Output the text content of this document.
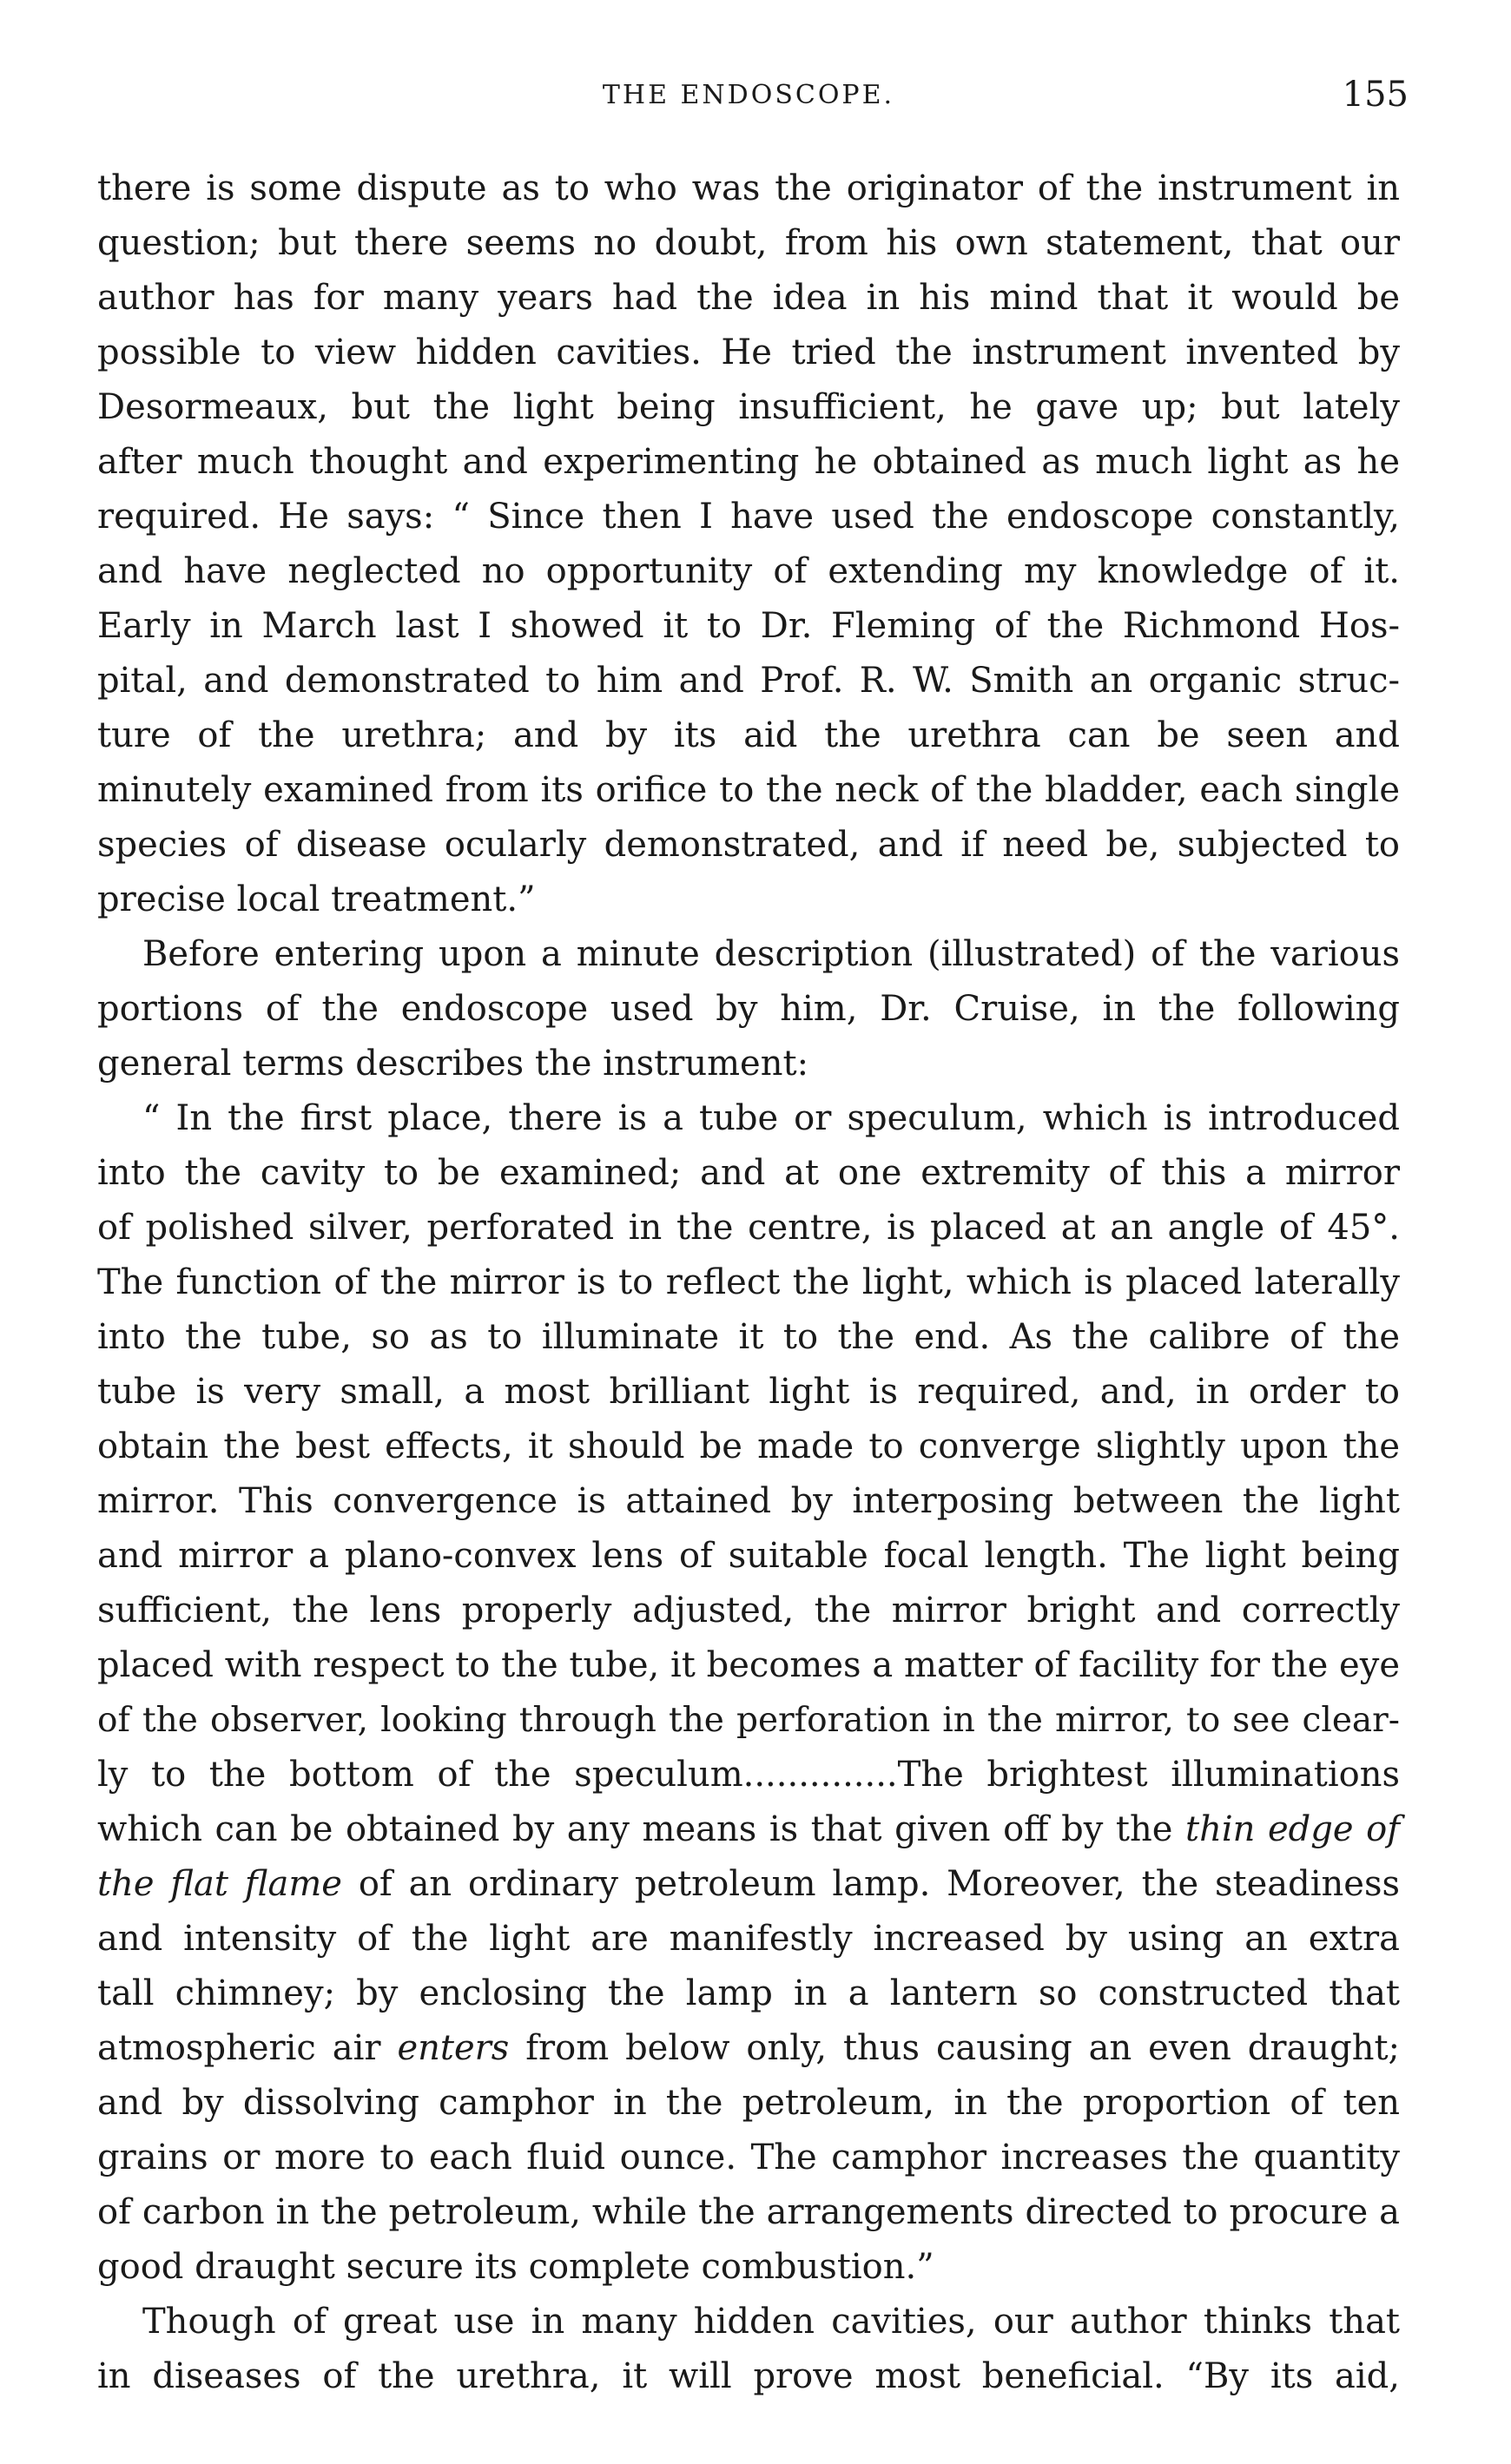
THE ENDOSCOPE.	155
there is some dispute as to who was the originator of the instrument in
question; but there seems no doubt, from his own statement, that our
author has for many years had the idea in his mind that it would be
possible to view hidden cavities. He tried the instrument invented by
Desormeaux, but the light being insufficient, he gave up; but lately
after much thought and experimenting he obtained as much light as he
required. He says: “ Since then I have used the endoscope constantly,
and have neglected no opportunity of extending my knowledge of it.
Early in March last I showed it to Dr. Fleming of the Richmond Hos-
pital, and demonstrated to him and Prof. R. W. Smith an organic struc-
ture of the urethra; and by its aid the urethra can be seen and
minutely examined from its orifice to the neck of the bladder, each single
species of disease ocularly demonstrated, and if need be, subjected to
precise local treatment.”
Before entering upon a minute description (illustrated) of the various
portions of the endoscope used by him, Dr. Cruise, in the following
general terms describes the instrument:
“ In the first place, there is a tube or speculum, which is introduced
into the cavity to be examined; and at one extremity of this a mirror
of polished silver, perforated in the centre, is placed at an angle of 45°.
The function of the mirror is to reflect the light, which is placed laterally
into the tube, so as to illuminate it to the end. As the calibre of the
tube is very small, a most brilliant light is required, and, in order to
obtain the best effects, it should be made to converge slightly upon the
mirror. This convergence is attained by interposing between the light
and mirror a plano-convex lens of suitable focal length. The light being
sufficient, the lens properly adjusted, the mirror bright and correctly
placed with respect to the tube, it becomes a matter of facility for the eye
of the observer, looking through the perforation in the mirror, to see clear-
ly to the bottom of the speculum..............The brightest illuminations
which can be obtained by any means is that given off by the thin edge of
the flat flame of an ordinary petroleum lamp. Moreover, the steadiness
and intensity of the light are manifestly increased by using an extra
tall chimney; by enclosing the lamp in a lantern so constructed that
atmospheric air enters from below only, thus causing an even draught;
and by dissolving camphor in the petroleum, in the proportion of ten
grains or more to each fluid ounce. The camphor increases the quantity
of carbon in the petroleum, while the arrangements directed to procure a
good draught secure its complete combustion.”
Though of great use in many hidden cavities, our author thinks that
in diseases of the urethra, it will prove most beneficial. “By its aid,
